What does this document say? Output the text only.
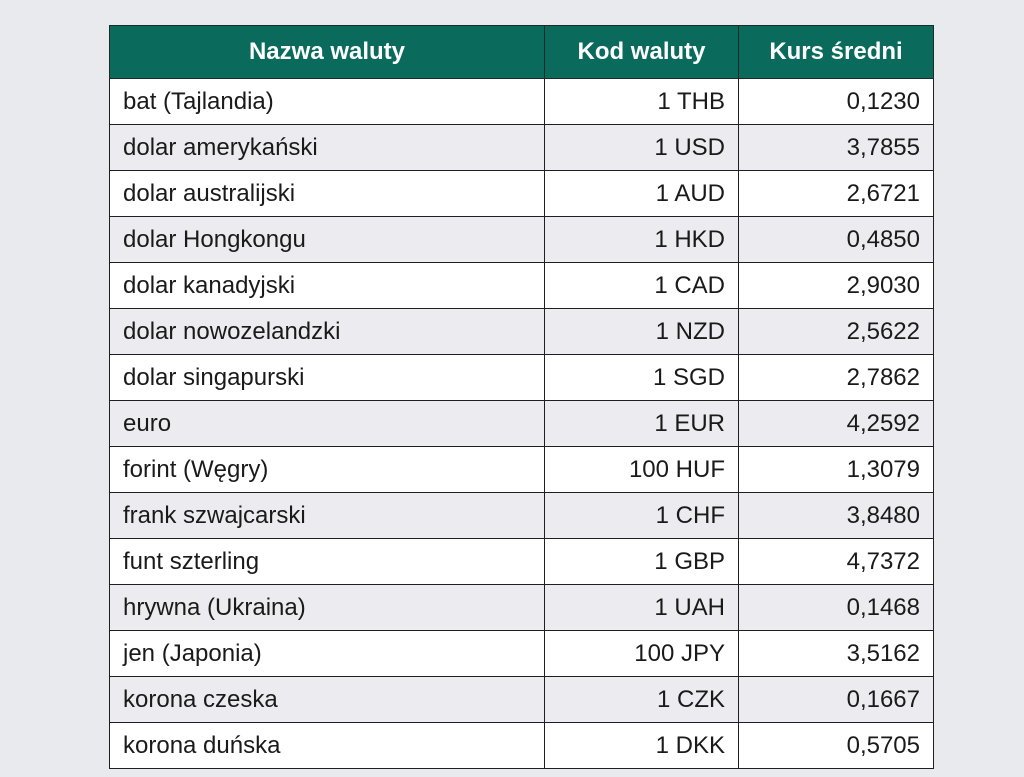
Nazwa waluty	Kod waluty	Kurs średni
bat (Tajlandia)	1 THB	0,1230
dolar amerykański	1 USD	3,7855
dolar australijski	1 AUD	2,6721
dolar Hongkongu	1 HKD	0,4850
dolar kanadyjski	1 CAD	2,9030
dolar nowozelandzki	1 NZD	2,5622
dolar singapurski	1 SGD	2,7862
euro	1 EUR	4,2592
forint (Węgry)	100 HUF	1,3079
frank szwajcarski	1 CHF	3,8480
funt szterling	1 GBP	4,7372
hrywna (Ukraina)	1 UAH	0,1468
jen (Japonia)	100 JPY	3,5162
korona czeska	1 CZK	0,1667
korona duńska	1 DKK	0,5705
